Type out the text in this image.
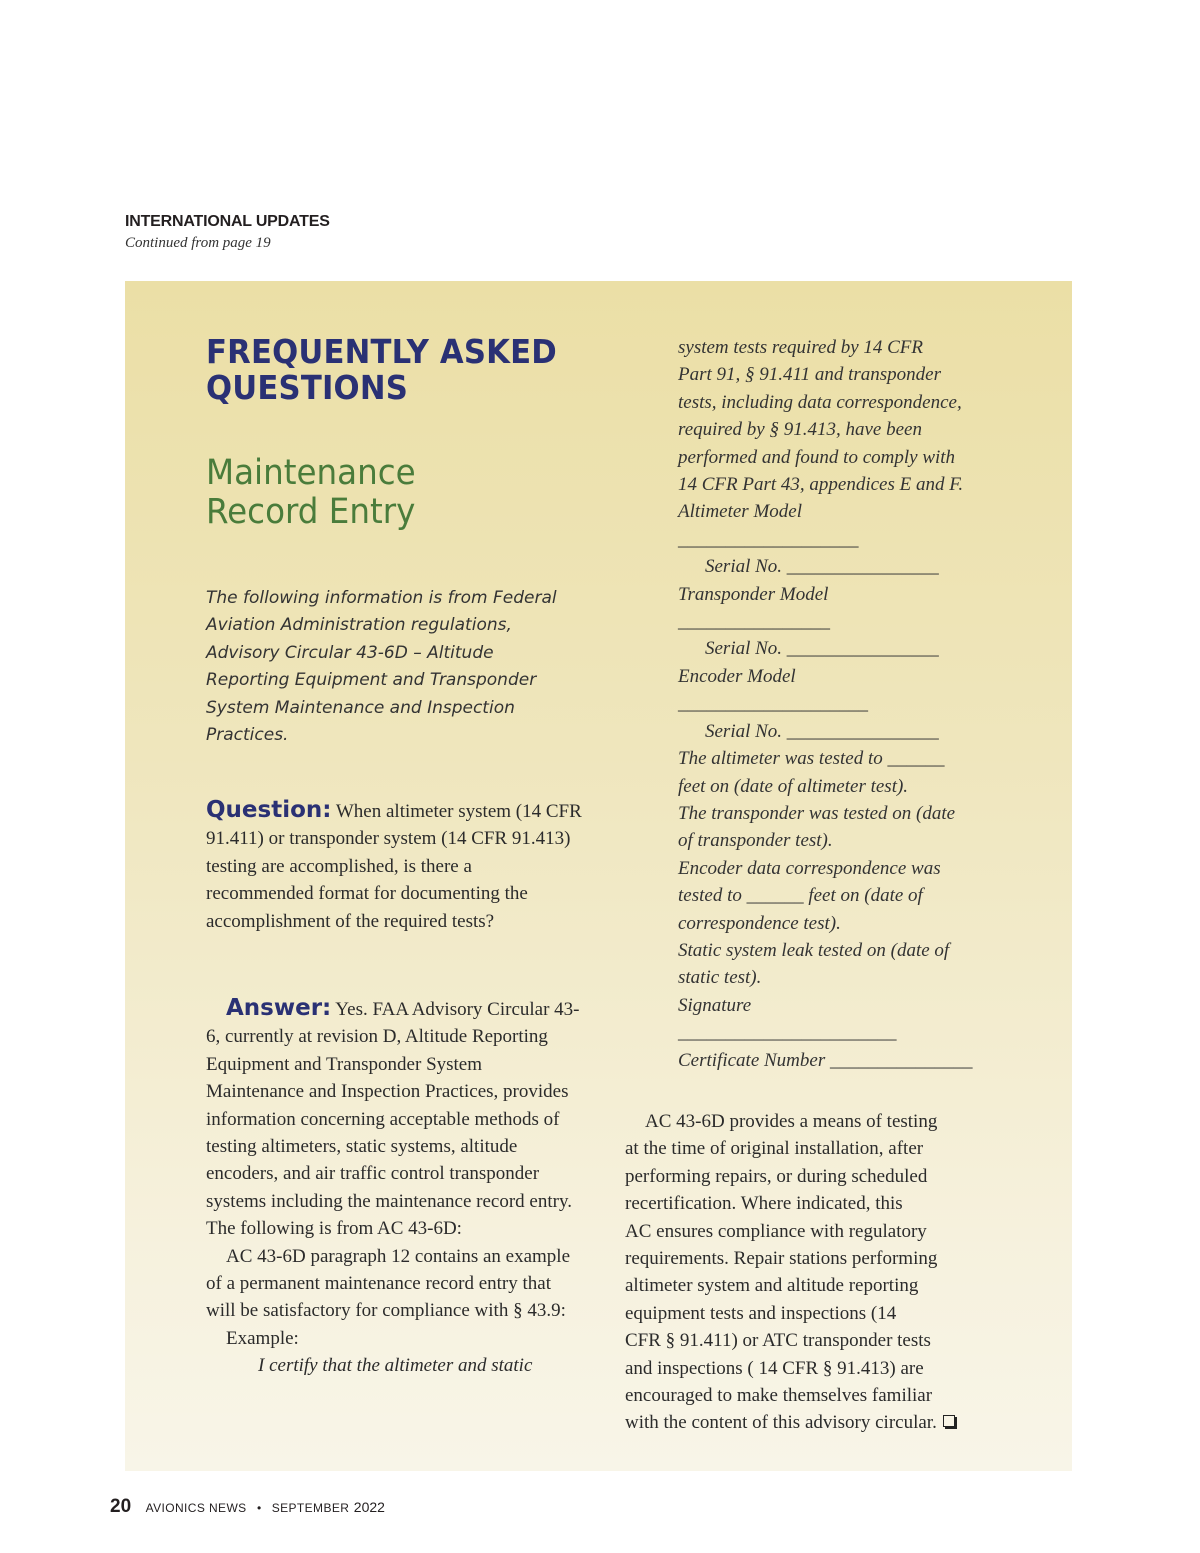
INTERNATIONAL UPDATES
Continued from page 19
FREQUENTLY ASKED
QUESTIONS
Maintenance
Record Entry

The following information is from Federal Aviation Administration regulations, Advisory Circular 43-6D – Altitude Reporting Equipment and Transponder System Maintenance and Inspection Practices.

Question: When altimeter system (14 CFR 91.411) or transponder system (14 CFR 91.413) testing are accomplished, is there a recommended format for documenting the accomplishment of the required tests?

Answer: Yes. FAA Advisory Circular 43-6, currently at revision D, Altitude Reporting Equipment and Transponder System Maintenance and Inspection Practices, provides information concerning acceptable methods of testing altimeters, static systems, altitude encoders, and air traffic control transponder systems including the maintenance record entry. The following is from AC 43-6D:

AC 43-6D paragraph 12 contains an example of a permanent maintenance record entry that will be satisfactory for compliance with § 43.9:

Example:

I certify that the altimeter and static

system tests required by 14 CFR
Part 91, § 91.411 and transponder
tests, including data correspondence,
required by § 91.413, have been
performed and found to comply with
14 CFR Part 43, appendices E and F.
Altimeter Model
___________________
Serial No. ________________
Transponder Model
________________
Serial No. ________________
Encoder Model
____________________
Serial No. ________________
The altimeter was tested to ______
feet on (date of altimeter test).
The transponder was tested on (date
of transponder test).
Encoder data correspondence was
tested to ______ feet on (date of
correspondence test).
Static system leak tested on (date of
static test).
Signature
_______________________
Certificate Number _______________
AC 43-6D provides a means of testing
at the time of original installation, after
performing repairs, or during scheduled
recertification. Where indicated, this
AC ensures compliance with regulatory
requirements. Repair stations performing
altimeter system and altitude reporting
equipment tests and inspections (14
CFR § 91.411) or ATC transponder tests
and inspections ( 14 CFR § 91.413) are
encouraged to make themselves familiar
with the content of this advisory circular.
20 AVIONICS NEWS • SEPTEMBER 2022
